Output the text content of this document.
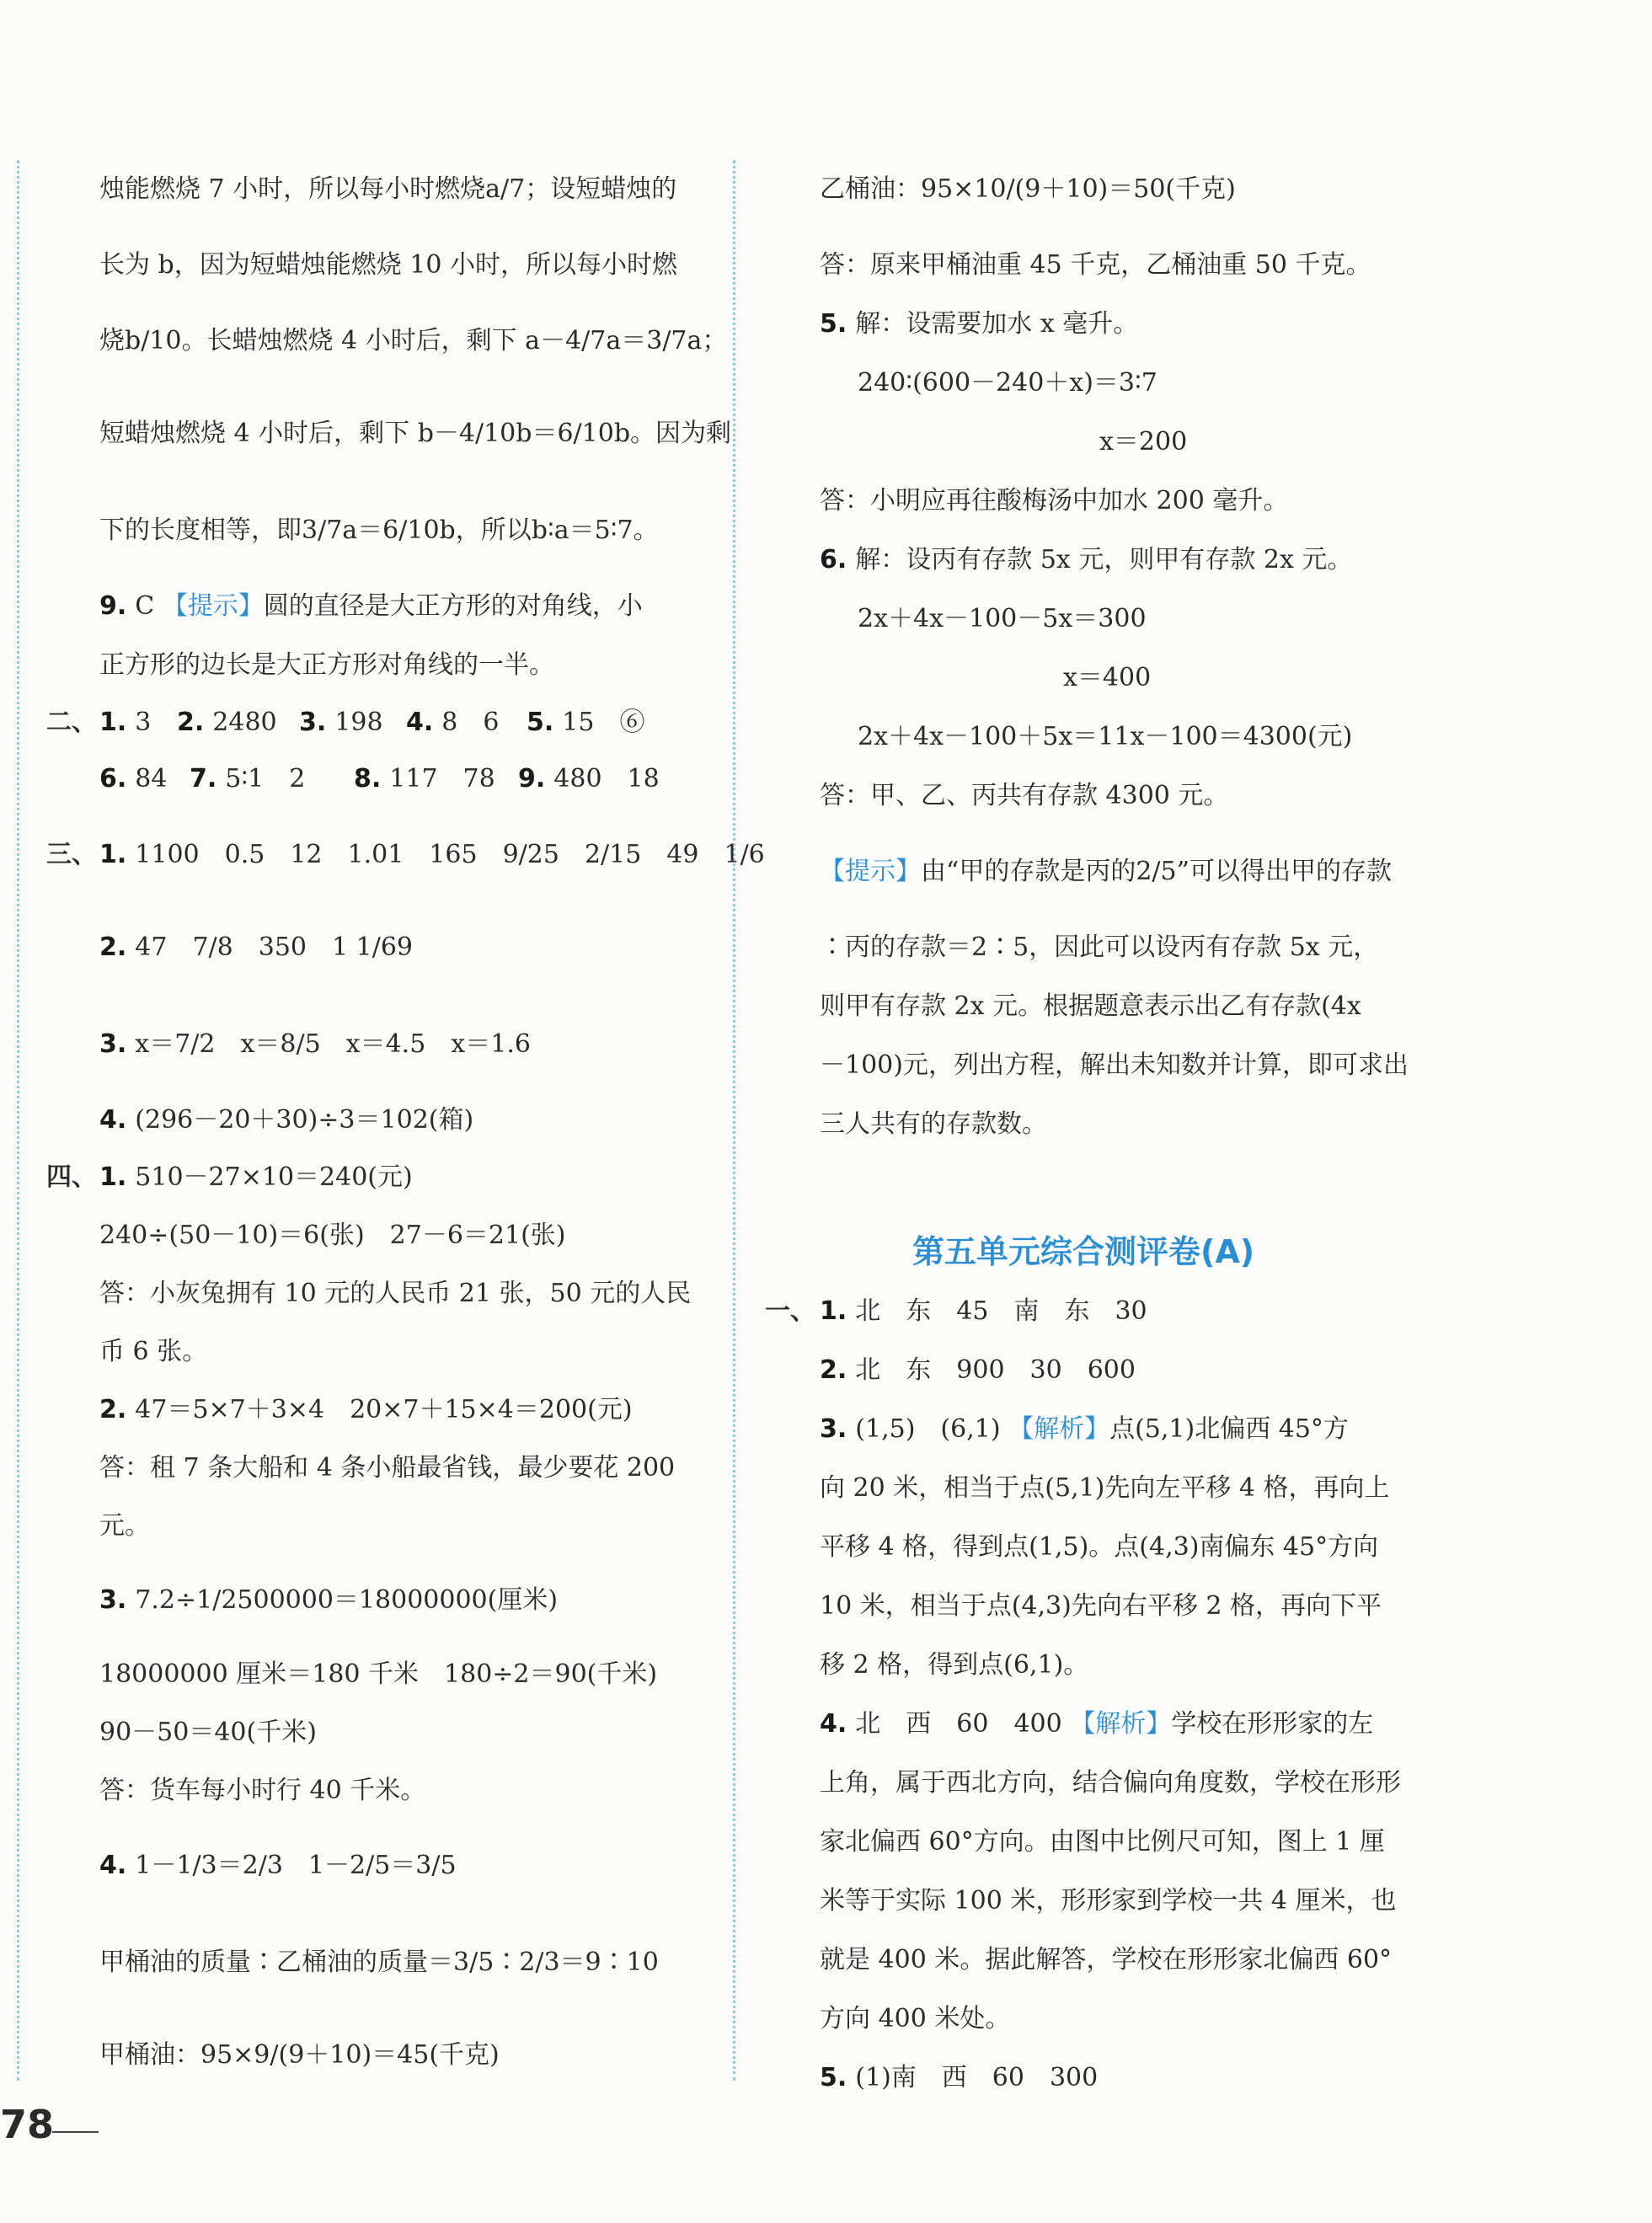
烛能燃烧 7 小时，所以每小时燃烧a/7；设短蜡烛的
长为 b，因为短蜡烛能燃烧 10 小时，所以每小时燃
烧b/10。长蜡烛燃烧 4 小时后，剩下 a－4/7a＝3/7a；
短蜡烛燃烧 4 小时后，剩下 b－4/10b＝6/10b。因为剩
下的长度相等，即3/7a＝6/10b，所以b∶a＝5∶7。
9. C 【提示】圆的直径是大正方形的对角线，小
正方形的边长是大正方形对角线的一半。
二、 1. 3 2. 2480 3. 198 4. 8　6 5. 15　⑥
6. 84 7. 5∶1　2 8. 117　78 9. 480　18
三、 1. 1100　0.5　12　1.01　165　9/25　2/15　49　1/6
2. 47　7/8　350　1 1/69
3. x＝7/2　x＝8/5　x＝4.5　x＝1.6
4. (296－20＋30)÷3＝102(箱)
四、 1. 510－27×10＝240(元)
240÷(50－10)＝6(张)　27－6＝21(张)
答：小灰兔拥有 10 元的人民币 21 张，50 元的人民
币 6 张。
2. 47＝5×7＋3×4　20×7＋15×4＝200(元)
答：租 7 条大船和 4 条小船最省钱，最少要花 200
元。
3. 7.2÷1/2500000＝18000000(厘米)
18000000 厘米＝180 千米　180÷2＝90(千米)
90－50＝40(千米)
答：货车每小时行 40 千米。
4. 1－1/3＝2/3　1－2/5＝3/5
甲桶油的质量∶乙桶油的质量＝3/5∶2/3＝9∶10
甲桶油：95×9/(9＋10)＝45(千克)
乙桶油：95×10/(9＋10)＝50(千克)
答：原来甲桶油重 45 千克，乙桶油重 50 千克。
5. 解：设需要加水 x 毫升。
240∶(600－240＋x)＝3∶7
x＝200
答：小明应再往酸梅汤中加水 200 毫升。
6. 解：设丙有存款 5x 元，则甲有存款 2x 元。
2x＋4x－100－5x＝300
x＝400
2x＋4x－100＋5x＝11x－100＝4300(元)
答：甲、乙、丙共有存款 4300 元。
【提示】由“甲的存款是丙的2/5”可以得出甲的存款
∶丙的存款＝2∶5，因此可以设丙有存款 5x 元，
则甲有存款 2x 元。根据题意表示出乙有存款(4x
－100)元，列出方程，解出未知数并计算，即可求出
三人共有的存款数。
第五单元综合测评卷(A)
一、 1. 北　东　45　南　东　30
2. 北　东　900　30　600
3. (1,5)　(6,1) 【解析】点(5,1)北偏西 45°方
向 20 米，相当于点(5,1)先向左平移 4 格，再向上
平移 4 格，得到点(1,5)。点(4,3)南偏东 45°方向
10 米，相当于点(4,3)先向右平移 2 格，再向下平
移 2 格，得到点(6,1)。
4. 北　西　60　400 【解析】学校在形形家的左
上角，属于西北方向，结合偏向角度数，学校在形形
家北偏西 60°方向。由图中比例尺可知，图上 1 厘
米等于实际 100 米，形形家到学校一共 4 厘米，也
就是 400 米。据此解答，学校在形形家北偏西 60°
方向 400 米处。
5. (1)南　西　60　300
78
